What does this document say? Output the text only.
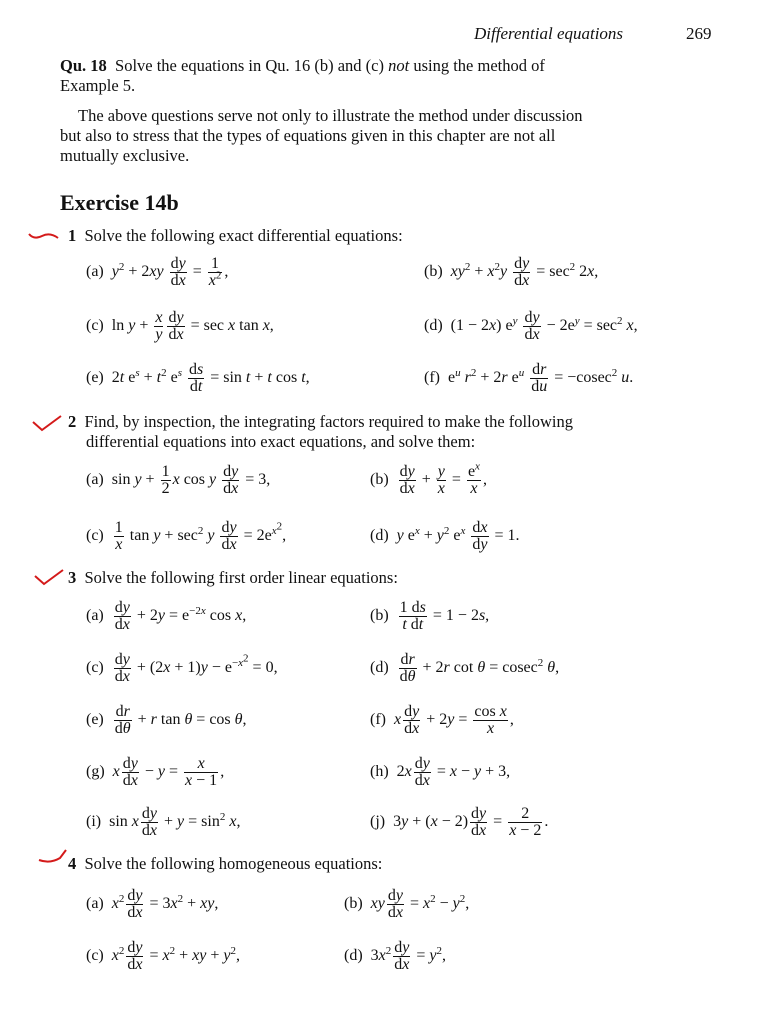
Differential equations	269
Qu. 18 Solve the equations in Qu. 16 (b) and (c) not using the method of
Example 5.
The above questions serve not only to illustrate the method under discussion
but also to stress that the types of equations given in this chapter are not all
mutually exclusive.
Exercise 14b
1 Solve the following exact differential equations:
(a) $y^2 + 2xy \frac{dy}{dx} = \frac{1}{x^2}$ ,	(b) $xy^2 + x^2y \frac{dy}{dx} = \sec^2 2x$,
(c) $\ln y + \frac{x}{y} \frac{dy}{dx} = \sec x$ tan x,	(d) (1 − 2x) $e^y \frac{dy}{dx} - 2e^y = \sec^2 x$,
(e) 2t $e^s + t^2$ $e^s \frac{ds}{dt} = \sin t + t$ cos t,	(f) $e^u$ $r^2 + 2r$ $e^u \frac{dr}{du} = -cosec^2$ u.
2 Find, by inspection, the integrating factors required to make the following
differential equations into exact equations, and solve them:
(a) $\sin y + \frac{1}{2}$ x cos y $\frac{dy}{dx} = 3$,	$(b) \frac{dy}{dx} + \frac{y}{x} = \frac{e^x}{x}$ ,
$(c) \frac{1}{x}$ $\tan y + \sec^2 y \frac{dy}{dx} = 2e^{x^2}$,	(d) y $e^x + y^2$ $e^x \frac{dx}{dy} = 1$.
3 Solve the following first order linear equations:
$(a) \frac{dy}{dx} + 2y = e^{-2x}$ cos x,	$(b) \frac{1 ds}{\text{t dt}} = 1 - 2s$,
$(c) \frac{dy}{dx} + (2x + 1)y - e^{-x^2} = 0$,	$(d) \frac{dr}{d\theta} + 2r$ cot θ = cosec$^2$ θ,
$(e) \frac{dr}{d\theta} + r$ tan θ = cos θ,	(f) x $\frac{dy}{dx} + 2y = \frac{\text{cos x}}{x}$ ,
(g) x $\frac{dy}{dx} - y = \frac{x}{x - 1}$ ,	(h) $2x \frac{dy}{dx} = x - y + 3$,
(i) sin x $\frac{dy}{dx} + y = \sin^2 x$,	(j) $3y + (x - 2) \frac{dy}{dx} = \frac{2}{x - 2}$ .
4 Solve the following homogeneous equations:
(a) $x^2 \frac{dy}{dx} = 3x^2$ + xy,	(b) xy $\frac{dy}{dx} = x^2 - y^2$,
(c) $x^2 \frac{dy}{dx} = x^2$ + xy + $y^2$,	(d) $3x^2 \frac{dy}{dx} = y^2$,
